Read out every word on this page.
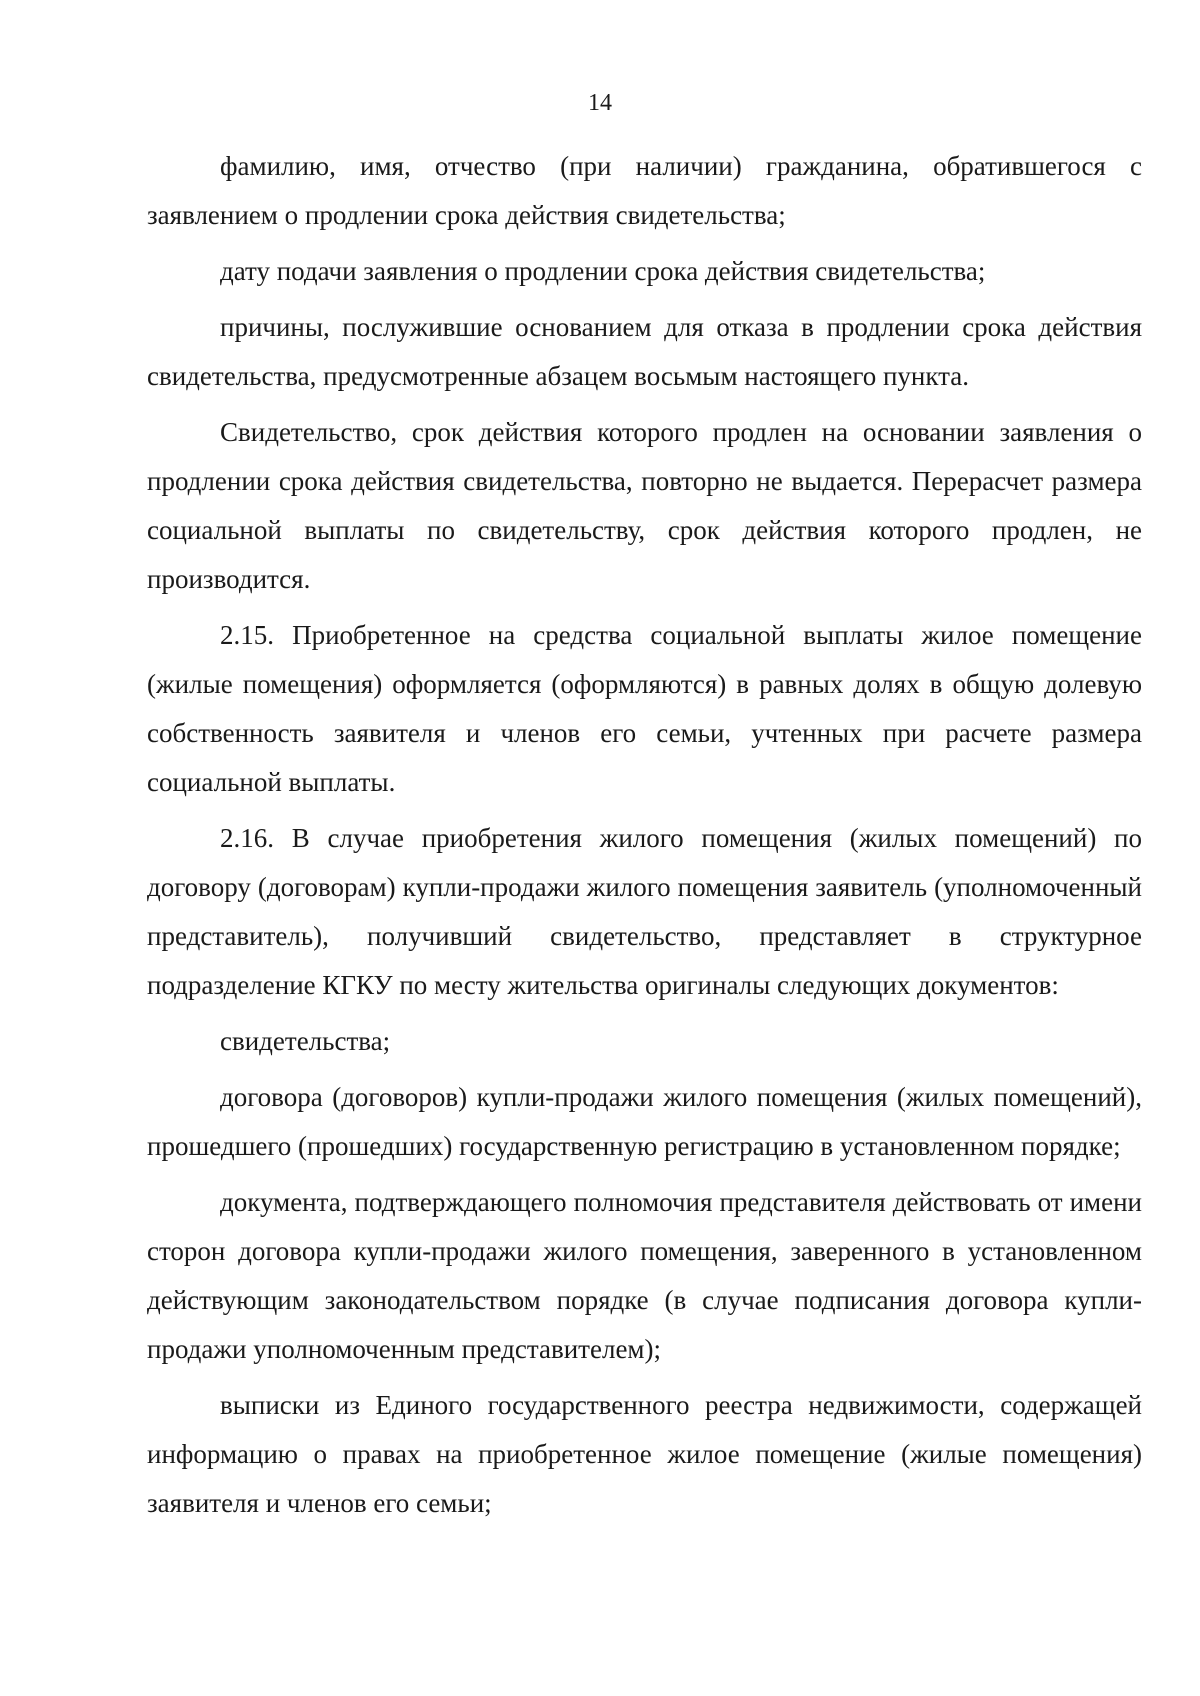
14

фамилию, имя, отчество (при наличии) гражданина, обратившегося с заявлением о продлении срока действия свидетельства;

дату подачи заявления о продлении срока действия свидетельства;

причины, послужившие основанием для отказа в продлении срока действия свидетельства, предусмотренные абзацем восьмым настоящего пункта.

Свидетельство, срок действия которого продлен на основании заявления о продлении срока действия свидетельства, повторно не выдается. Перерасчет размера социальной выплаты по свидетельству, срок действия которого продлен, не производится.

2.15. Приобретенное на средства социальной выплаты жилое помещение (жилые помещения) оформляется (оформляются) в равных долях в общую долевую собственность заявителя и членов его семьи, учтенных при расчете размера социальной выплаты.

2.16. В случае приобретения жилого помещения (жилых помещений) по договору (договорам) купли-продажи жилого помещения заявитель (уполномоченный представитель), получивший свидетельство, представляет в структурное подразделение КГКУ по месту жительства оригиналы следующих документов:

свидетельства;

договора (договоров) купли-продажи жилого помещения (жилых помещений), прошедшего (прошедших) государственную регистрацию в установленном порядке;

документа, подтверждающего полномочия представителя действовать от имени сторон договора купли-продажи жилого помещения, заверенного в установленном действующим законодательством порядке (в случае подписания договора купли-продажи уполномоченным представителем);

выписки из Единого государственного реестра недвижимости, содержащей информацию о правах на приобретенное жилое помещение (жилые помещения) заявителя и членов его семьи;
